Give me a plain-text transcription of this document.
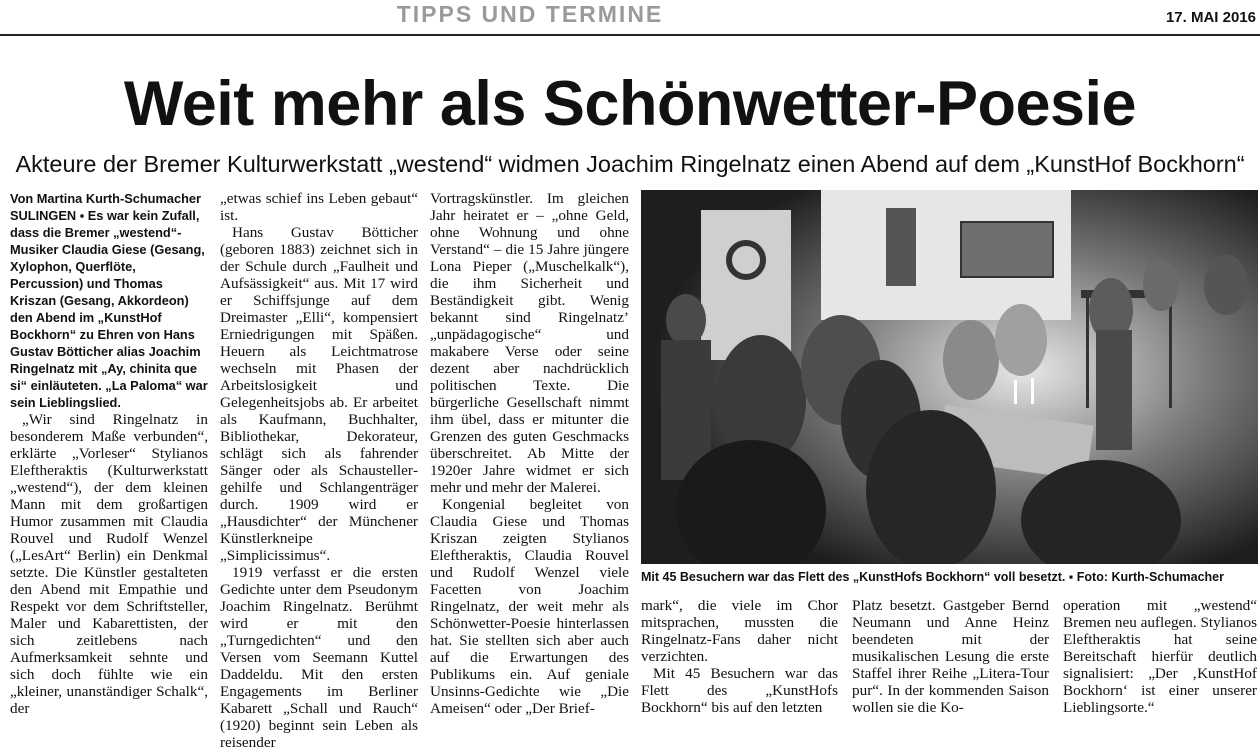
TIPPS UND TERMINE	17. MAI 2016
Weit mehr als Schönwetter-Poesie
Akteure der Bremer Kulturwerkstatt „westend“ widmen Joachim Ringelnatz einen Abend auf dem „KunstHof Bockhorn“

Von Martina Kurth-Schumacher

SULINGEN ▪ Es war kein Zufall, dass die Bremer „westend“-Musiker Claudia Giese (Gesang, Xylophon, Querflöte, Percussion) und Thomas Kriszan (Gesang, Akkordeon) den Abend im „KunstHof Bockhorn“ zu Ehren von Hans Gustav Bötticher alias Joachim Ringelnatz mit „Ay, chinita que si“ einläuteten. „La Paloma“ war sein Lieblingslied.

„Wir sind Ringelnatz in besonderem Maße verbunden“, erklärte „Vorleser“ Stylianos Eleftheraktis (Kulturwerkstatt „westend“), der dem kleinen Mann mit dem großartigen Humor zusammen mit Claudia Rouvel und Rudolf Wenzel („LesArt“ Berlin) ein Denkmal setzte. Die Künstler gestalteten den Abend mit Empathie und Respekt vor dem Schriftsteller, Maler und Kabarettisten, der sich zeitlebens nach Aufmerksamkeit sehnte und sich doch fühlte wie ein „kleiner, unanständiger Schalk“, der

„etwas schief ins Leben gebaut“ ist.

Hans Gustav Bötticher (geboren 1883) zeichnet sich in der Schule durch „Faulheit und Aufsässigkeit“ aus. Mit 17 wird er Schiffsjunge auf dem Dreimaster „Elli“, kompensiert Erniedrigungen mit Späßen. Heuern als Leichtmatrose wechseln mit Phasen der Arbeitslosigkeit und Gelegenheitsjobs ab. Er arbeitet als Kaufmann, Buchhalter, Bibliothekar, Dekorateur, schlägt sich als fahrender Sänger oder als Schaustellergehilfe und Schlangenträger durch. 1909 wird er „Hausdichter“ der Münchener Künstlerkneipe „Simplicissimus“.

1919 verfasst er die ersten Gedichte unter dem Pseudonym Joachim Ringelnatz. Berühmt wird er mit den „Turngedichten“ und den Versen vom Seemann Kuttel Daddeldu. Mit den ersten Engagements im Berliner Kabarett „Schall und Rauch“ (1920) beginnt sein Leben als reisender

Vortragskünstler. Im gleichen Jahr heiratet er – „ohne Geld, ohne Wohnung und ohne Verstand“ – die 15 Jahre jüngere Lona Pieper („Muschelkalk“), die ihm Sicherheit und Beständigkeit gibt. Wenig bekannt sind Ringelnatz’ „unpädagogische“ und makabere Verse oder seine dezent aber nachdrücklich politischen Texte. Die bürgerliche Gesellschaft nimmt ihm übel, dass er mitunter die Grenzen des guten Geschmacks überschreitet. Ab Mitte der 1920er Jahre widmet er sich mehr und mehr der Malerei.

Kongenial begleitet von Claudia Giese und Thomas Kriszan zeigten Stylianos Eleftheraktis, Claudia Rouvel und Rudolf Wenzel viele Facetten von Joachim Ringelnatz, der weit mehr als Schönwetter-Poesie hinterlassen hat. Sie stellten sich aber auch auf die Erwartungen des Publikums ein. Auf geniale Unsinns-Gedichte wie „Die Ameisen“ oder „Der Brief-

Mit 45 Besuchern war das Flett des „KunstHofs Bockhorn“ voll besetzt. ▪ Foto: Kurth-Schumacher

mark“, die viele im Chor mitsprachen, mussten die Ringelnatz-Fans daher nicht verzichten.

Mit 45 Besuchern war das Flett des „KunstHofs Bockhorn“ bis auf den letzten

Platz besetzt. Gastgeber Bernd Neumann und Anne Heinz beendeten mit der musikalischen Lesung die erste Staffel ihrer Reihe „Litera-Tour pur“. In der kommenden Saison wollen sie die Ko-

operation mit „westend“ Bremen neu auflegen. Stylianos Eleftheraktis hat seine Bereitschaft hierfür deutlich signalisiert: „Der ‚KunstHof Bockhorn‘ ist einer unserer Lieblingsorte.“
